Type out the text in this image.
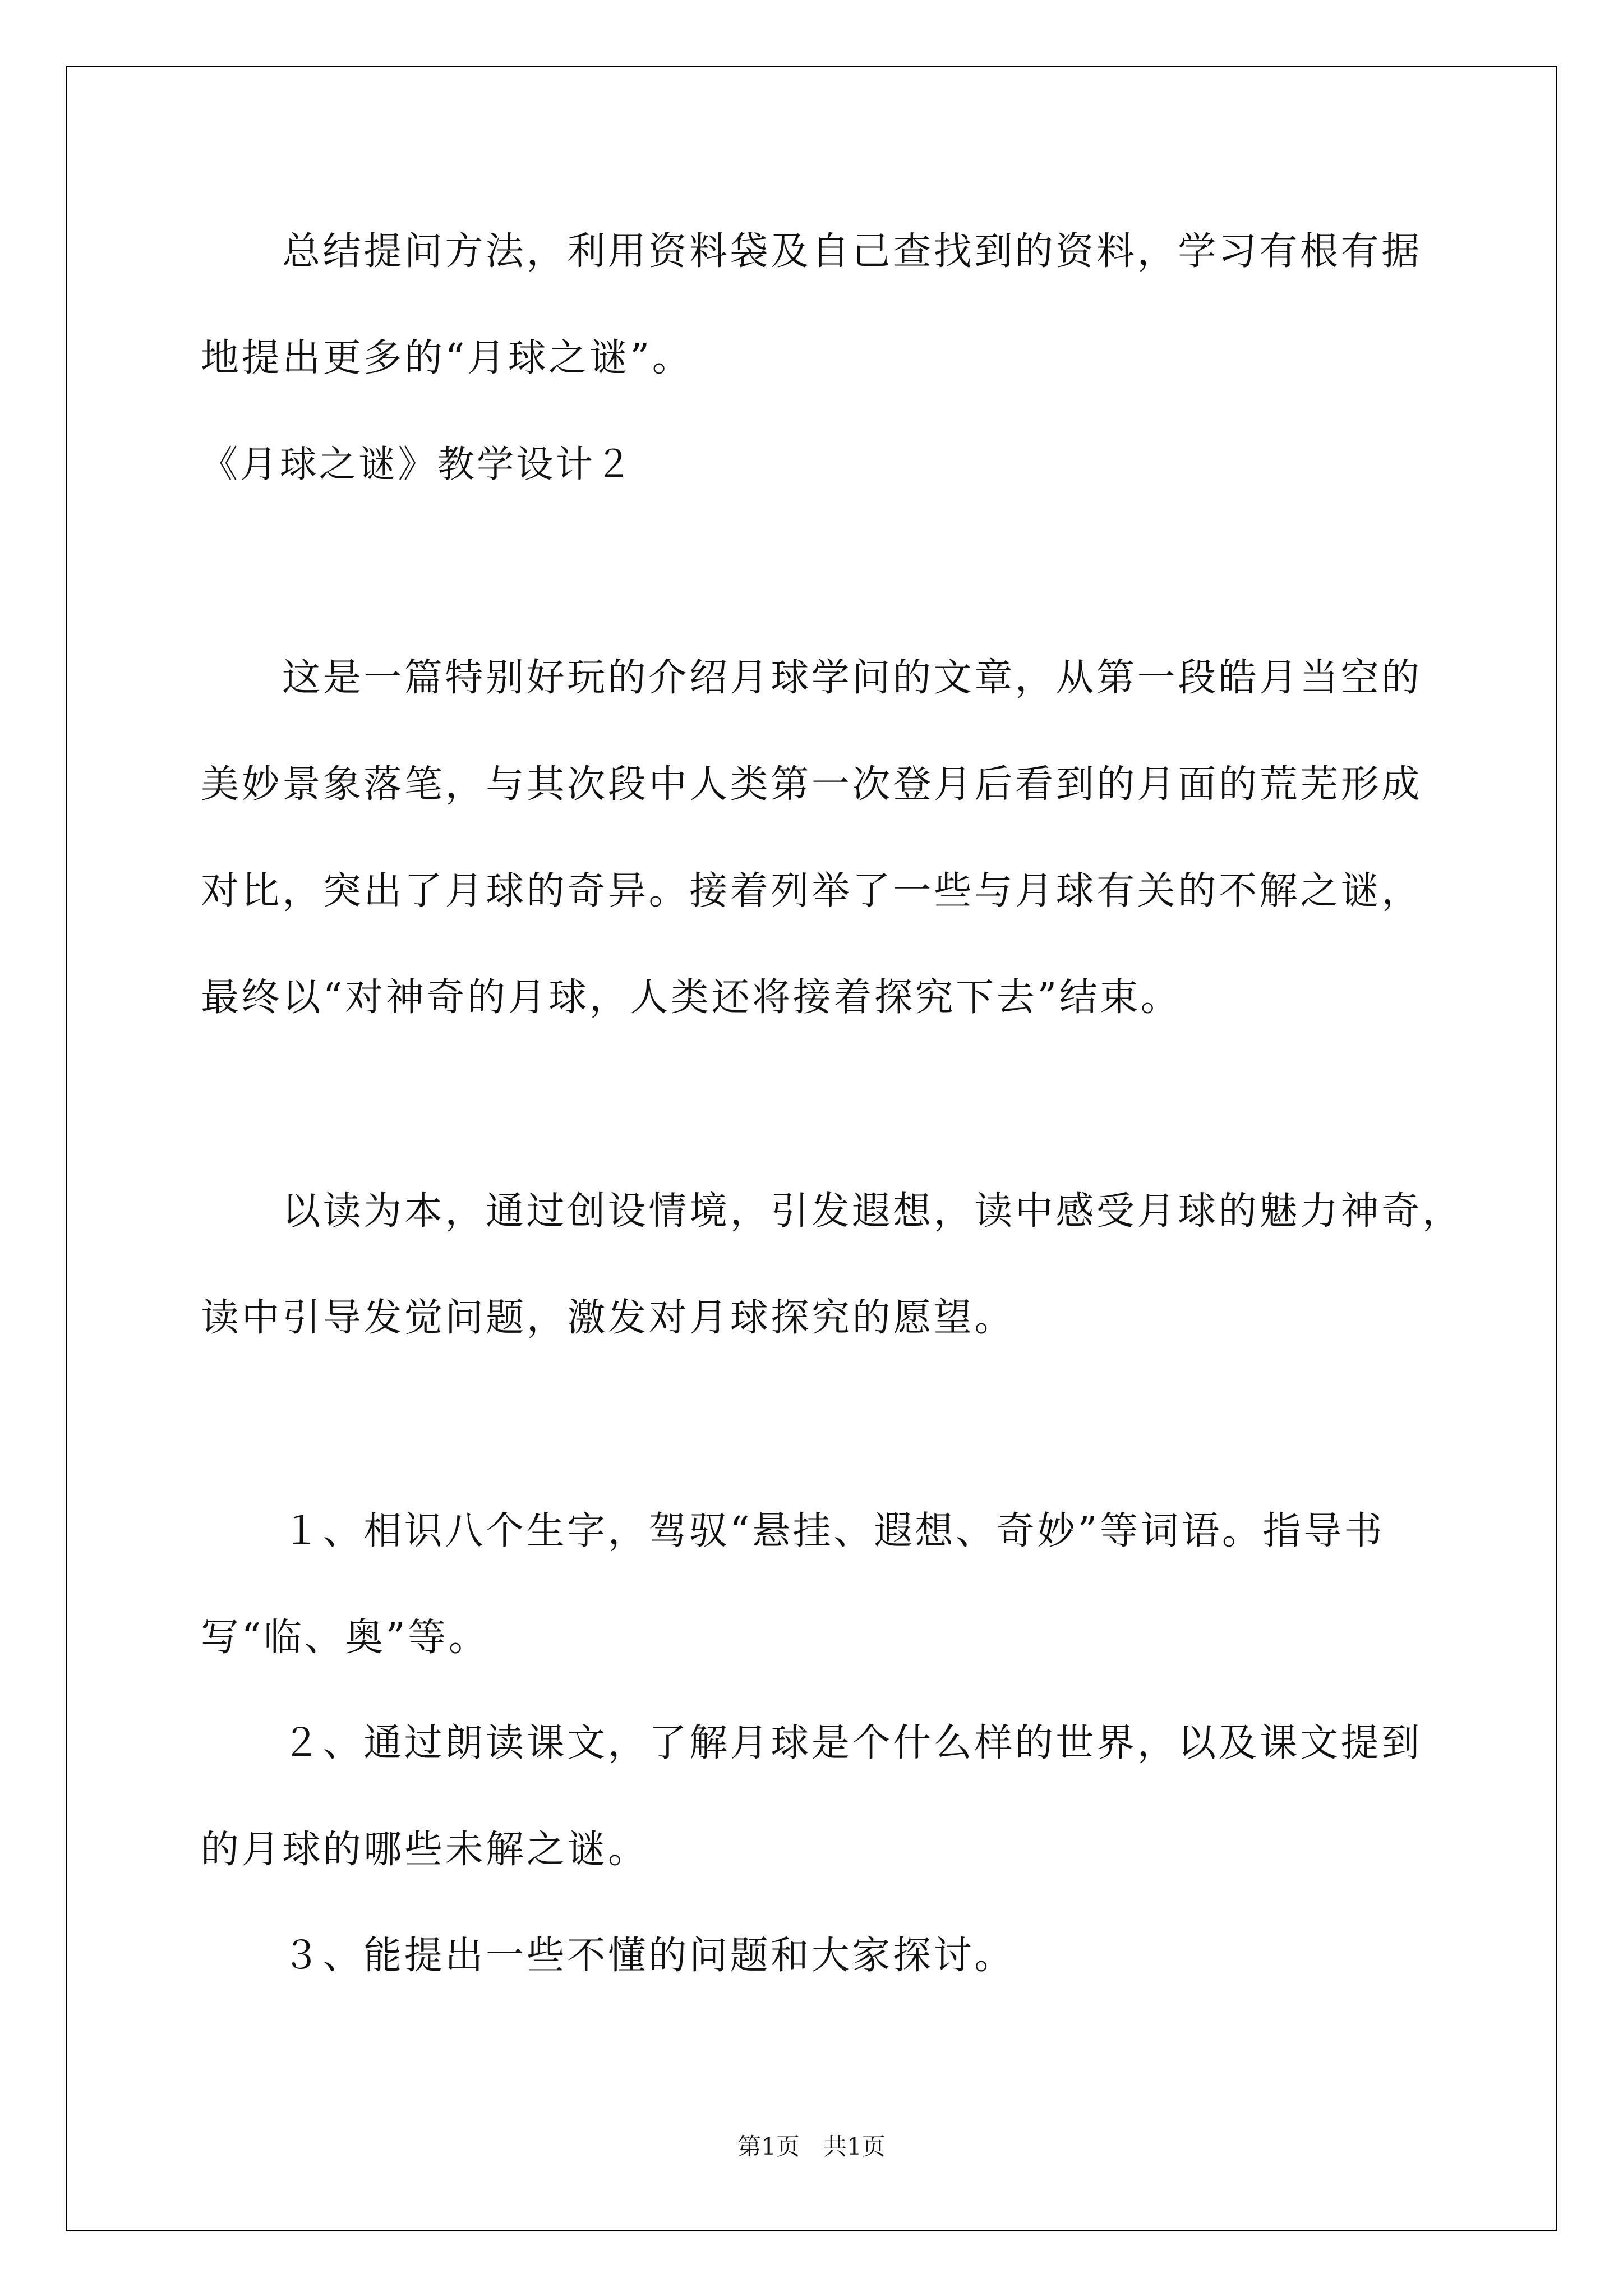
总结提问方法，利用资料袋及自己查找到的资料，学习有根有据
地提出更多的“月球之谜”。
《月球之谜》教学设计２
这是一篇特别好玩的介绍月球学问的文章，从第一段皓月当空的
美妙景象落笔，与其次段中人类第一次登月后看到的月面的荒芜形成
对比，突出了月球的奇异。接着列举了一些与月球有关的不解之谜，
最终以“对神奇的月球，人类还将接着探究下去”结束。
以读为本，通过创设情境，引发遐想，读中感受月球的魅力神奇，
读中引导发觉问题，激发对月球探究的愿望。
１、相识八个生字，驾驭“悬挂、遐想、奇妙”等词语。指导书
写“临、奥”等。
２、通过朗读课文，了解月球是个什么样的世界，以及课文提到
的月球的哪些未解之谜。
３、能提出一些不懂的问题和大家探讨。
第1页　共1页
